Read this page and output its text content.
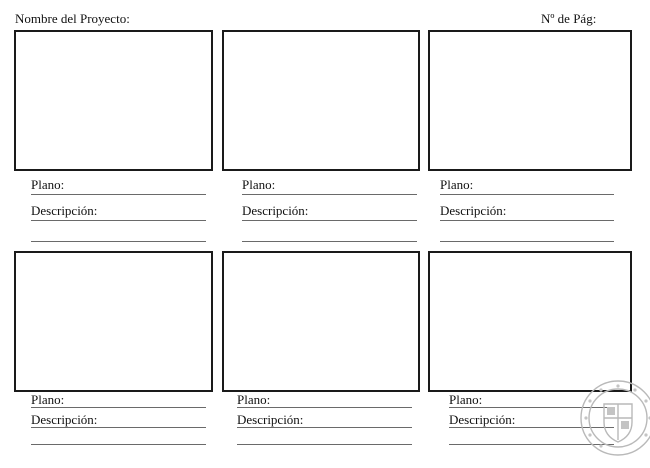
Nombre del Proyecto:	Nº de Pág:
Plano:
Descripción:
Plano:
Descripción:
Plano:
Descripción:
Plano:
Descripción:
Plano:
Descripción:
Plano:
Descripción:
